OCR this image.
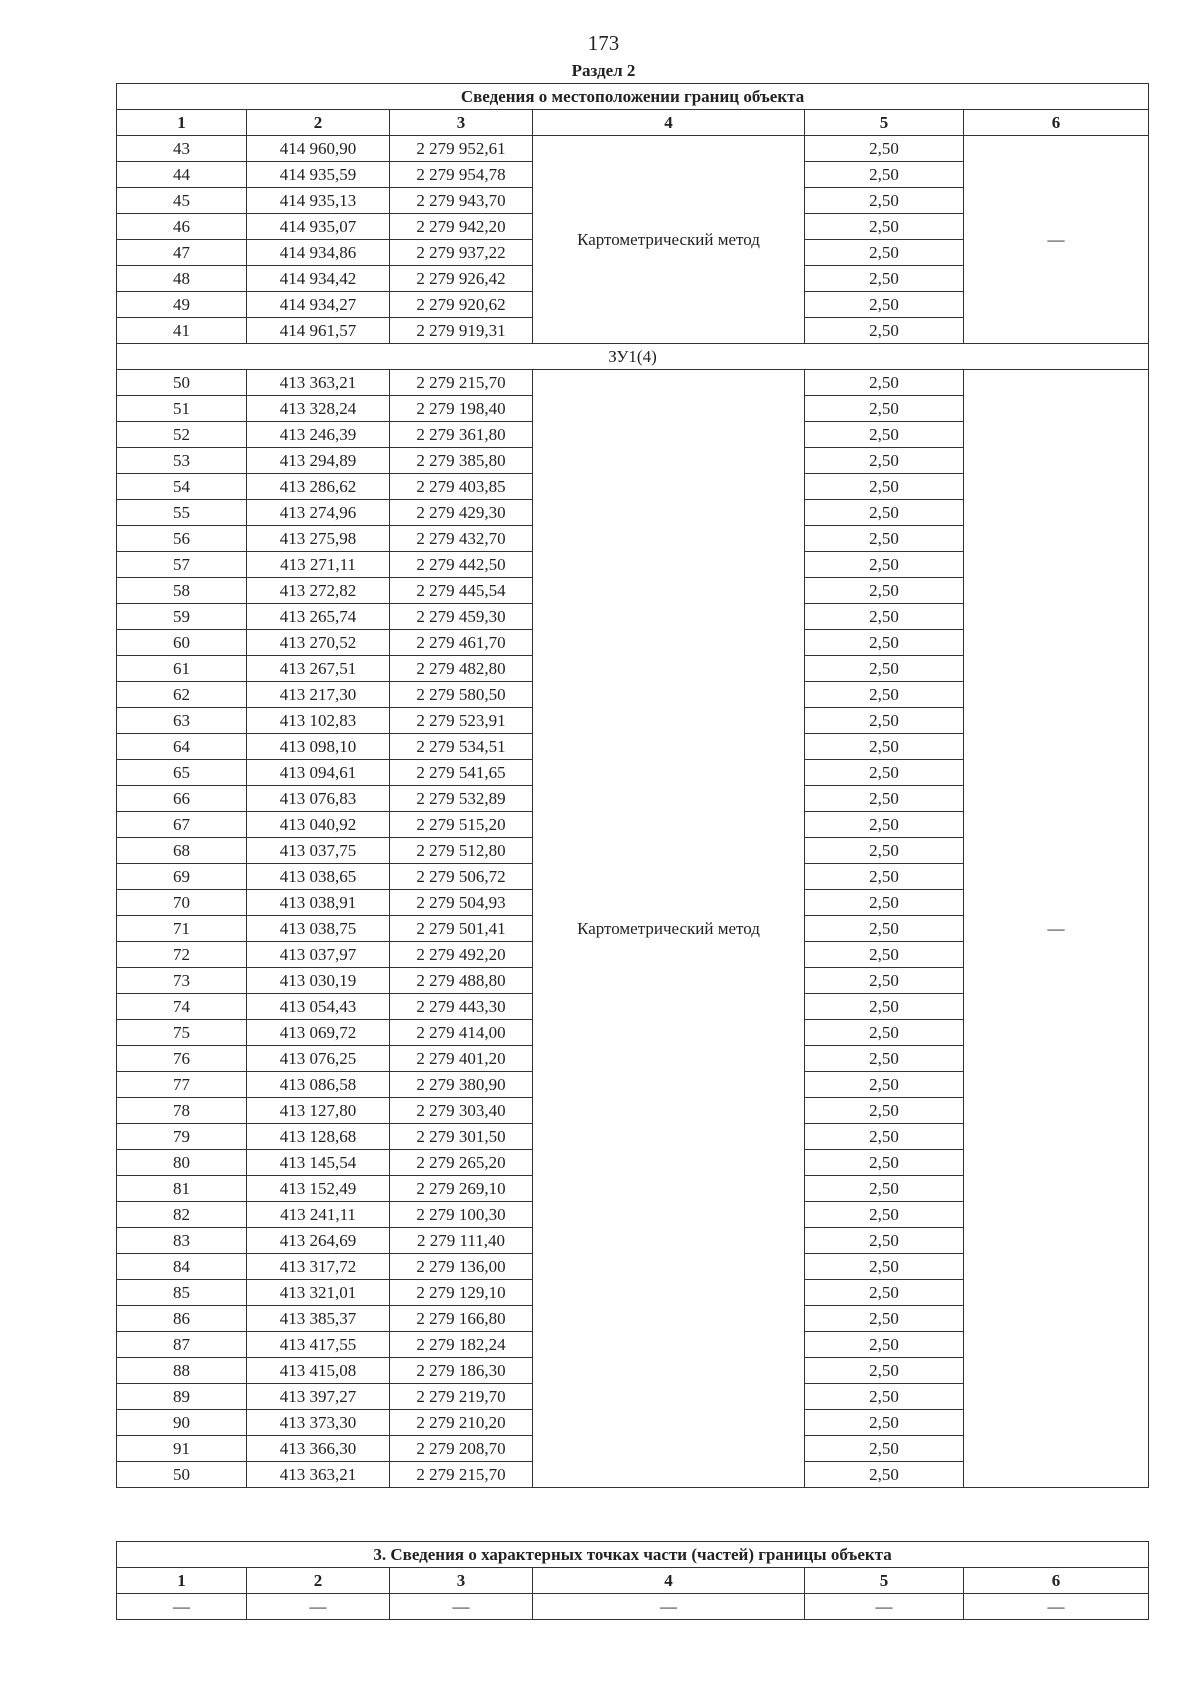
173
Раздел 2
Сведения о местоположении границ объекта					
1	2	3	4	5	6
43	414 960,90	2 279 952,61	Картометрический метод	2,50	—
44	414 935,59	2 279 954,78		2,50	
45	414 935,13	2 279 943,70		2,50	
46	414 935,07	2 279 942,20		2,50	
47	414 934,86	2 279 937,22		2,50	
48	414 934,42	2 279 926,42		2,50	
49	414 934,27	2 279 920,62		2,50	
41	414 961,57	2 279 919,31		2,50	
ЗУ1(4)					
50	413 363,21	2 279 215,70	Картометрический метод	2,50	—
51	413 328,24	2 279 198,40		2,50	
52	413 246,39	2 279 361,80		2,50	
53	413 294,89	2 279 385,80		2,50	
54	413 286,62	2 279 403,85		2,50	
55	413 274,96	2 279 429,30		2,50	
56	413 275,98	2 279 432,70		2,50	
57	413 271,11	2 279 442,50		2,50	
58	413 272,82	2 279 445,54		2,50	
59	413 265,74	2 279 459,30		2,50	
60	413 270,52	2 279 461,70		2,50	
61	413 267,51	2 279 482,80		2,50	
62	413 217,30	2 279 580,50		2,50	
63	413 102,83	2 279 523,91		2,50	
64	413 098,10	2 279 534,51		2,50	
65	413 094,61	2 279 541,65		2,50	
66	413 076,83	2 279 532,89		2,50	
67	413 040,92	2 279 515,20		2,50	
68	413 037,75	2 279 512,80		2,50	
69	413 038,65	2 279 506,72		2,50	
70	413 038,91	2 279 504,93		2,50	
71	413 038,75	2 279 501,41		2,50	
72	413 037,97	2 279 492,20		2,50	
73	413 030,19	2 279 488,80		2,50	
74	413 054,43	2 279 443,30		2,50	
75	413 069,72	2 279 414,00		2,50	
76	413 076,25	2 279 401,20		2,50	
77	413 086,58	2 279 380,90		2,50	
78	413 127,80	2 279 303,40		2,50	
79	413 128,68	2 279 301,50		2,50	
80	413 145,54	2 279 265,20		2,50	
81	413 152,49	2 279 269,10		2,50	
82	413 241,11	2 279 100,30		2,50	
83	413 264,69	2 279 111,40		2,50	
84	413 317,72	2 279 136,00		2,50	
85	413 321,01	2 279 129,10		2,50	
86	413 385,37	2 279 166,80		2,50	
87	413 417,55	2 279 182,24		2,50	
88	413 415,08	2 279 186,30		2,50	
89	413 397,27	2 279 219,70		2,50	
90	413 373,30	2 279 210,20		2,50	
91	413 366,30	2 279 208,70		2,50	
50	413 363,21	2 279 215,70		2,50	
3. Сведения о характерных точках части (частей) границы объекта					
1	2	3	4	5	6
—	—	—	—	—	—
